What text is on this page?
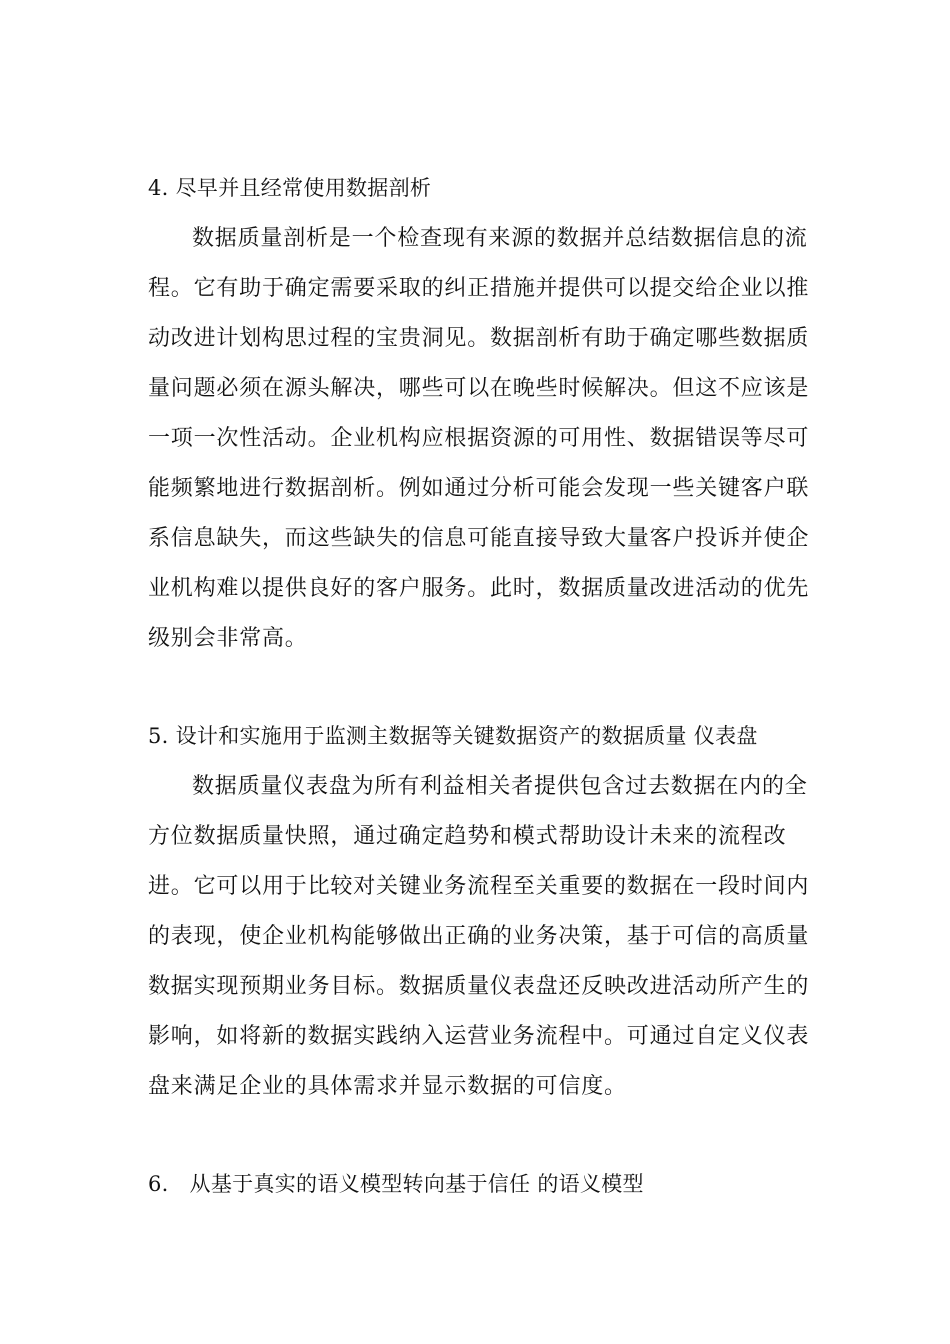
4. 尽早并且经常使用数据剖析
数据质量剖析是一个检查现有来源的数据并总结数据信息的流
程。它有助于确定需要采取的纠正措施并提供可以提交给企业以推
动改进计划构思过程的宝贵洞见。数据剖析有助于确定哪些数据质
量问题必须在源头解决，哪些可以在晚些时候解决。但这不应该是
一项一次性活动。企业机构应根据资源的可用性、数据错误等尽可
能频繁地进行数据剖析。例如通过分析可能会发现一些关键客户联
系信息缺失，而这些缺失的信息可能直接导致大量客户投诉并使企
业机构难以提供良好的客户服务。此时，数据质量改进活动的优先
级别会非常高。
5. 设计和实施用于监测主数据等关键数据资产的数据质量 仪表盘
数据质量仪表盘为所有利益相关者提供包含过去数据在内的全
方位数据质量快照，通过确定趋势和模式帮助设计未来的流程改
进。它可以用于比较对关键业务流程至关重要的数据在一段时间内
的表现，使企业机构能够做出正确的业务决策，基于可信的高质量
数据实现预期业务目标。数据质量仪表盘还反映改进活动所产生的
影响，如将新的数据实践纳入运营业务流程中。可通过自定义仪表
盘来满足企业的具体需求并显示数据的可信度。
6.   从基于真实的语义模型转向基于信任 的语义模型
